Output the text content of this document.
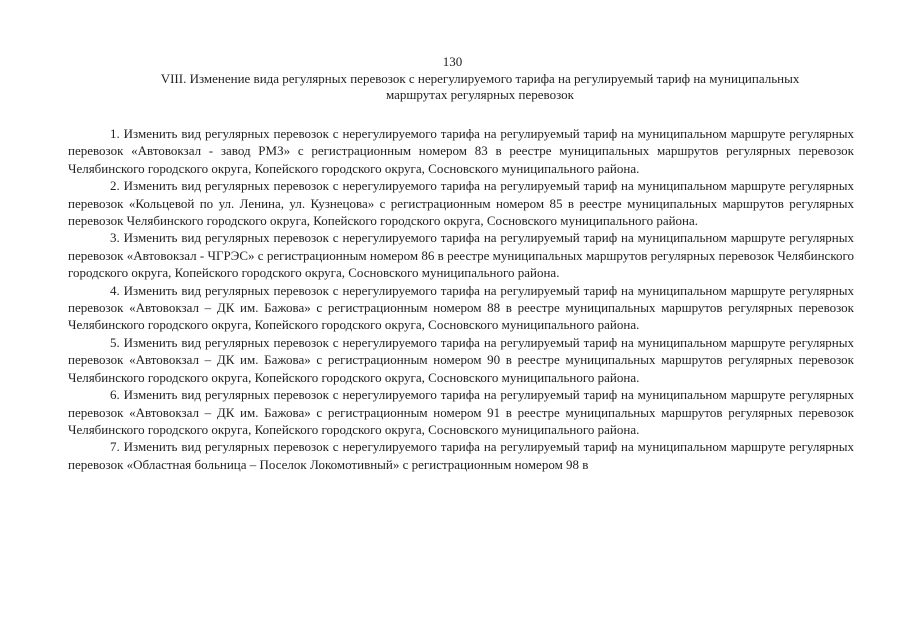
130
VIII. Изменение вида регулярных перевозок с нерегулируемого тарифа на регулируемый тариф на муниципальных
маршрутах регулярных перевозок

1. Изменить вид регулярных перевозок с нерегулируемого тарифа на регулируемый тариф на муниципальном маршруте регулярных перевозок «Автовокзал - завод РМЗ» с регистрационным номером 83 в реестре муниципальных маршрутов регулярных перевозок Челябинского городского округа, Копейского городского округа, Сосновского муниципального района.

2. Изменить вид регулярных перевозок с нерегулируемого тарифа на регулируемый тариф на муниципальном маршруте регулярных перевозок «Кольцевой по ул. Ленина, ул. Кузнецова» с регистрационным номером 85 в реестре муниципальных маршрутов регулярных перевозок Челябинского городского округа, Копейского городского округа, Сосновского муниципального района.

3. Изменить вид регулярных перевозок с нерегулируемого тарифа на регулируемый тариф на муниципальном маршруте регулярных перевозок «Автовокзал - ЧГРЭС» с регистрационным номером 86 в реестре муниципальных маршрутов регулярных перевозок Челябинского городского округа, Копейского городского округа, Сосновского муниципального района.

4. Изменить вид регулярных перевозок с нерегулируемого тарифа на регулируемый тариф на муниципальном маршруте регулярных перевозок «Автовокзал – ДК им. Бажова» с регистрационным номером 88 в реестре муниципальных маршрутов регулярных перевозок Челябинского городского округа, Копейского городского округа, Сосновского муниципального района.

5. Изменить вид регулярных перевозок с нерегулируемого тарифа на регулируемый тариф на муниципальном маршруте регулярных перевозок «Автовокзал – ДК им. Бажова» с регистрационным номером 90 в реестре муниципальных маршрутов регулярных перевозок Челябинского городского округа, Копейского городского округа, Сосновского муниципального района.

6. Изменить вид регулярных перевозок с нерегулируемого тарифа на регулируемый тариф на муниципальном маршруте регулярных перевозок «Автовокзал – ДК им. Бажова» с регистрационным номером 91 в реестре муниципальных маршрутов регулярных перевозок Челябинского городского округа, Копейского городского округа, Сосновского муниципального района.

7. Изменить вид регулярных перевозок с нерегулируемого тарифа на регулируемый тариф на муниципальном маршруте регулярных перевозок «Областная больница – Поселок Локомотивный» с регистрационным номером 98 в
